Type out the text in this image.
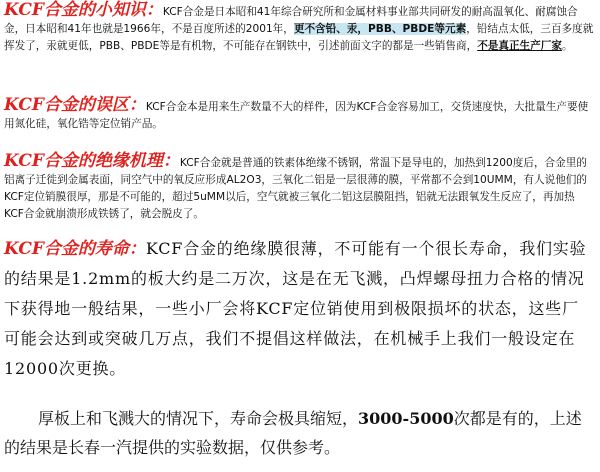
KCF合金的小知识：KCF合金是日本昭和41年综合研究所和金属材料事业部共同研发的耐高温氧化、耐腐蚀合金，日本昭和41年也就是1966年，不是百度所述的2001年，更不含铅、汞，PBB、PBDE等元素，铅结点太低，三百多度就挥发了，汞就更低，PBB、PBDE等是有机物，不可能存在钢铁中，引述前面文字的都是一些销售商，不是真正生产厂家。
KCF合金的误区：KCF合金本是用来生产数量不大的样件，因为KCF合金容易加工，交货速度快，大批量生产要使用氮化硅，氧化锆等定位销产品。
KCF合金的绝缘机理：KCF合金就是普通的铁素体绝缘不锈钢，常温下是导电的，加热到1200度后，合金里的铝离子迁徙到金属表面，同空气中的氧反应形成AL2O3，三氧化二铝是一层很薄的膜，平常都不会到10UMM，有人说他们的KCF定位销膜很厚，那是不可能的，超过5uMM以后，空气就被三氧化二铝这层膜阻挡，铝就无法跟氧发生反应了，再加热KCF合金就崩溃形成铁锈了，就会脱皮了。
KCF合金的寿命：KCF合金的绝缘膜很薄，不可能有一个很长寿命，我们实验的结果是1.2mm的板大约是二万次，这是在无飞溅，凸焊螺母扭力合格的情况下获得地一般结果，一些小厂会将KCF定位销使用到极限损坏的状态，这些厂可能会达到或突破几万点，我们不提倡这样做法，在机械手上我们一般设定在12000次更换。
厚板上和飞溅大的情况下，寿命会极具缩短，3000-5000次都是有的，上述的结果是长春一汽提供的实验数据，仅供参考。
